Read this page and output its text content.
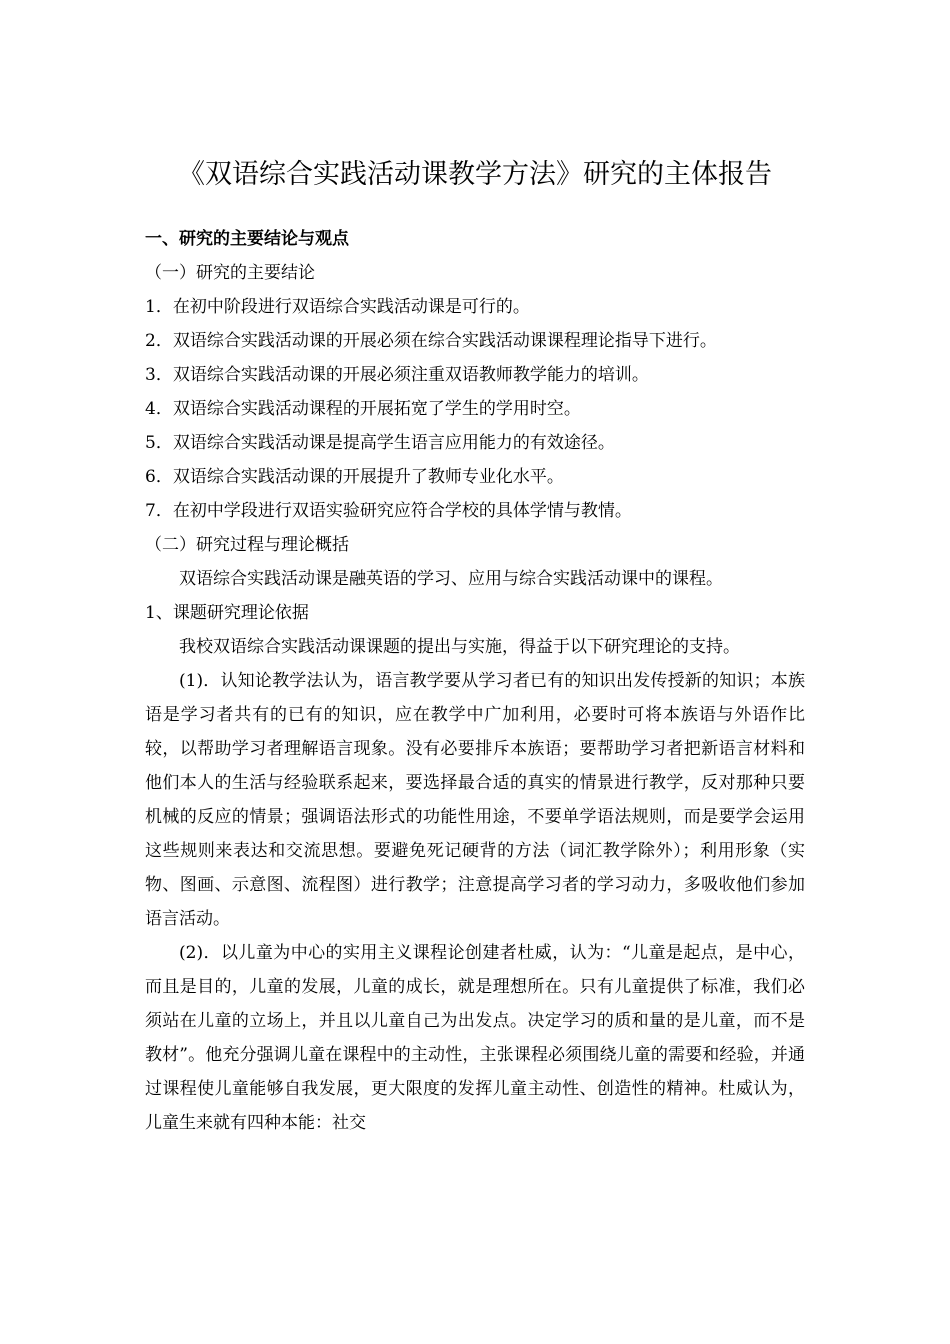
《双语综合实践活动课教学方法》研究的主体报告

一、研究的主要结论与观点

（一）研究的主要结论

1．在初中阶段进行双语综合实践活动课是可行的。

2．双语综合实践活动课的开展必须在综合实践活动课课程理论指导下进行。

3．双语综合实践活动课的开展必须注重双语教师教学能力的培训。

4．双语综合实践活动课程的开展拓宽了学生的学用时空。

5．双语综合实践活动课是提高学生语言应用能力的有效途径。

6．双语综合实践活动课的开展提升了教师专业化水平。

7．在初中学段进行双语实验研究应符合学校的具体学情与教情。

（二）研究过程与理论概括

双语综合实践活动课是融英语的学习、应用与综合实践活动课中的课程。

1、课题研究理论依据

我校双语综合实践活动课课题的提出与实施，得益于以下研究理论的支持。

(1)．认知论教学法认为，语言教学要从学习者已有的知识出发传授新的知识；本族语是学习者共有的已有的知识，应在教学中广加利用，必要时可将本族语与外语作比较，以帮助学习者理解语言现象。没有必要排斥本族语；要帮助学习者把新语言材料和他们本人的生活与经验联系起来，要选择最合适的真实的情景进行教学，反对那种只要机械的反应的情景；强调语法形式的功能性用途，不要单学语法规则，而是要学会运用这些规则来表达和交流思想。要避免死记硬背的方法（词汇教学除外）；利用形象（实物、图画、示意图、流程图）进行教学；注意提高学习者的学习动力，多吸收他们参加语言活动。

(2)．以儿童为中心的实用主义课程论创建者杜威，认为：“儿童是起点，是中心，而且是目的，儿童的发展，儿童的成长，就是理想所在。只有儿童提供了标准，我们必须站在儿童的立场上，并且以儿童自己为出发点。决定学习的质和量的是儿童，而不是教材”。他充分强调儿童在课程中的主动性，主张课程必须围绕儿童的需要和经验，并通过课程使儿童能够自我发展，更大限度的发挥儿童主动性、创造性的精神。杜威认为，儿童生来就有四种本能：社交
